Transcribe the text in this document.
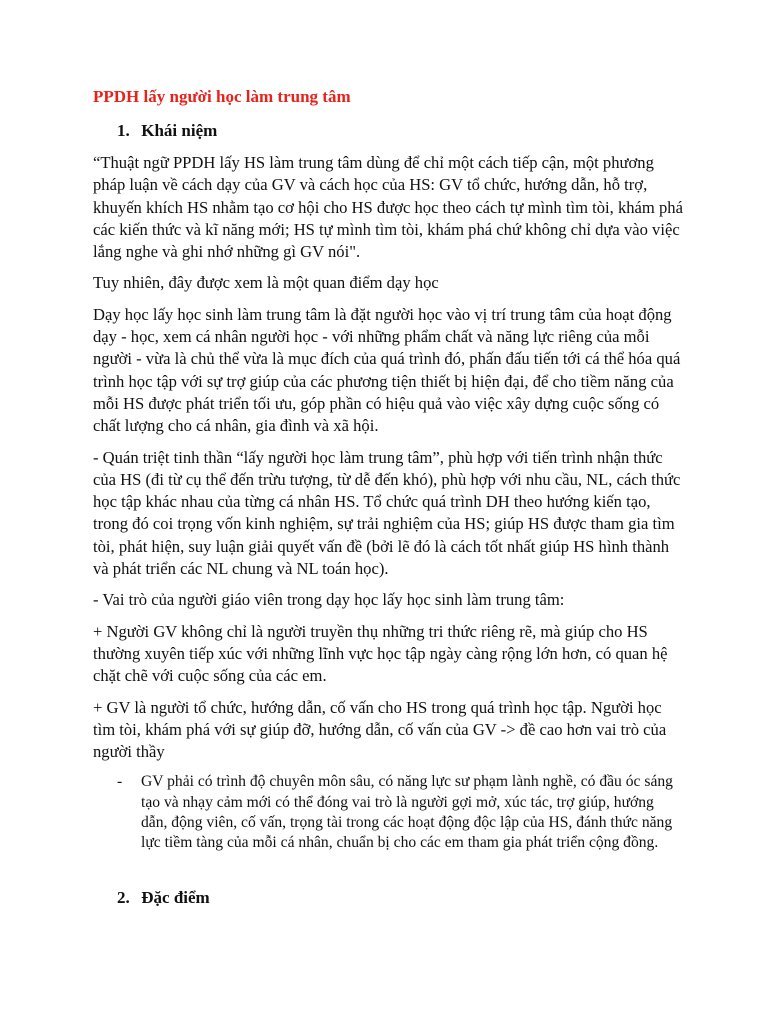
PPDH lấy người học làm trung tâm
1. Khái niệm

“Thuật ngữ PPDH lấy HS làm trung tâm dùng để chỉ một cách tiếp cận, một phương pháp luận về cách dạy của GV và cách học của HS: GV tổ chức, hướng dẫn, hỗ trợ, khuyến khích HS nhằm tạo cơ hội cho HS được học theo cách tự mình tìm tòi, khám phá các kiến thức và kĩ năng mới; HS tự mình tìm tòi, khám phá chứ không chỉ dựa vào việc lắng nghe và ghi nhớ những gì GV nói".

Tuy nhiên, đây được xem là một quan điểm dạy học

Dạy học lấy học sinh làm trung tâm là đặt người học vào vị trí trung tâm của hoạt động dạy - học, xem cá nhân người học - với những phẩm chất và năng lực riêng của mỗi người - vừa là chủ thể vừa là mục đích của quá trình đó, phấn đấu tiến tới cá thể hóa quá trình học tập với sự trợ giúp của các phương tiện thiết bị hiện đại, để cho tiềm năng của mỗi HS được phát triển tối ưu, góp phần có hiệu quả vào việc xây dựng cuộc sống có chất lượng cho cá nhân, gia đình và xã hội.

- Quán triệt tinh thần “lấy người học làm trung tâm”, phù hợp với tiến trình nhận thức của HS (đi từ cụ thể đến trừu tượng, từ dễ đến khó), phù hợp với nhu cầu, NL, cách thức học tập khác nhau của từng cá nhân HS. Tổ chức quá trình DH theo hướng kiến tạo, trong đó coi trọng vốn kinh nghiệm, sự trải nghiệm của HS; giúp HS được tham gia tìm tòi, phát hiện, suy luận giải quyết vấn đề (bởi lẽ đó là cách tốt nhất giúp HS hình thành và phát triển các NL chung và NL toán học).

- Vai trò của người giáo viên trong dạy học lấy học sinh làm trung tâm:

+ Người GV không chỉ là người truyền thụ những tri thức riêng rẽ, mà giúp cho HS thường xuyên tiếp xúc với những lĩnh vực học tập ngày càng rộng lớn hơn, có quan hệ chặt chẽ với cuộc sống của các em.

+ GV là người tổ chức, hướng dẫn, cố vấn cho HS trong quá trình học tập. Người học tìm tòi, khám phá với sự giúp đỡ, hướng dẫn, cố vấn của GV -> đề cao hơn vai trò của người thầy

- GV phải có trình độ chuyên môn sâu, có năng lực sư phạm lành nghề, có đầu óc sáng tạo và nhạy cảm mới có thể đóng vai trò là người gợi mở, xúc tác, trợ giúp, hướng dẫn, động viên, cố vấn, trọng tài trong các hoạt động độc lập của HS, đánh thức năng lực tiềm tàng của mỗi cá nhân, chuẩn bị cho các em tham gia phát triển cộng đồng.
2. Đặc điểm
